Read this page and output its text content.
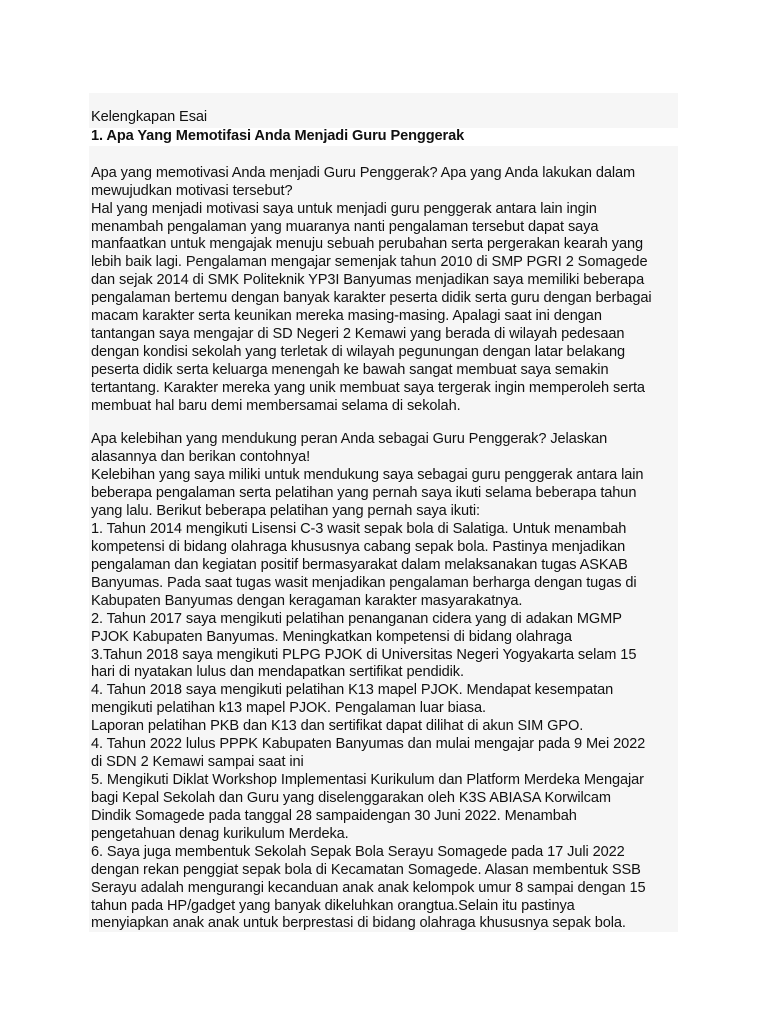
Kelengkapan Esai
1. Apa Yang Memotifasi Anda Menjadi Guru Penggerak
Apa yang memotivasi Anda menjadi Guru Penggerak? Apa yang Anda lakukan dalam
mewujudkan motivasi tersebut?
Hal yang menjadi motivasi saya untuk menjadi guru penggerak antara lain ingin
menambah pengalaman yang muaranya nanti pengalaman tersebut dapat saya
manfaatkan untuk mengajak menuju sebuah perubahan serta pergerakan kearah yang
lebih baik lagi. Pengalaman mengajar semenjak tahun 2010 di SMP PGRI 2 Somagede
dan sejak 2014 di SMK Politeknik YP3I Banyumas menjadikan saya memiliki beberapa
pengalaman bertemu dengan banyak karakter peserta didik serta guru dengan berbagai
macam karakter serta keunikan mereka masing-masing. Apalagi saat ini dengan
tantangan saya mengajar di SD Negeri 2 Kemawi yang berada di wilayah pedesaan
dengan kondisi sekolah yang terletak di wilayah pegunungan dengan latar belakang
peserta didik serta keluarga menengah ke bawah sangat membuat saya semakin
tertantang. Karakter mereka yang unik membuat saya tergerak ingin memperoleh serta
membuat hal baru demi membersamai selama di sekolah.
Apa kelebihan yang mendukung peran Anda sebagai Guru Penggerak? Jelaskan
alasannya dan berikan contohnya!
Kelebihan yang saya miliki untuk mendukung saya sebagai guru penggerak antara lain
beberapa pengalaman serta pelatihan yang pernah saya ikuti selama beberapa tahun
yang lalu. Berikut beberapa pelatihan yang pernah saya ikuti:
1. Tahun 2014 mengikuti Lisensi C-3 wasit sepak bola di Salatiga. Untuk menambah
kompetensi di bidang olahraga khususnya cabang sepak bola. Pastinya menjadikan
pengalaman dan kegiatan positif bermasyarakat dalam melaksanakan tugas ASKAB
Banyumas. Pada saat tugas wasit menjadikan pengalaman berharga dengan tugas di
Kabupaten Banyumas dengan keragaman karakter masyarakatnya.
2. Tahun 2017 saya mengikuti pelatihan penanganan cidera yang di adakan MGMP
PJOK Kabupaten Banyumas. Meningkatkan kompetensi di bidang olahraga
3.Tahun 2018 saya mengikuti PLPG PJOK di Universitas Negeri Yogyakarta selam 15
hari di nyatakan lulus dan mendapatkan sertifikat pendidik.
4. Tahun 2018 saya mengikuti pelatihan K13 mapel PJOK. Mendapat kesempatan
mengikuti pelatihan k13 mapel PJOK. Pengalaman luar biasa.
Laporan pelatihan PKB dan K13 dan sertifikat dapat dilihat di akun SIM GPO.
4. Tahun 2022 lulus PPPK Kabupaten Banyumas dan mulai mengajar pada 9 Mei 2022
di SDN 2 Kemawi sampai saat ini
5. Mengikuti Diklat Workshop Implementasi Kurikulum dan Platform Merdeka Mengajar
bagi Kepal Sekolah dan Guru yang diselenggarakan oleh K3S ABIASA Korwilcam
Dindik Somagede pada tanggal 28 sampaidengan 30 Juni 2022. Menambah
pengetahuan denag kurikulum Merdeka.
6. Saya juga membentuk Sekolah Sepak Bola Serayu Somagede pada 17 Juli 2022
dengan rekan penggiat sepak bola di Kecamatan Somagede. Alasan membentuk SSB
Serayu adalah mengurangi kecanduan anak anak kelompok umur 8 sampai dengan 15
tahun pada HP/gadget yang banyak dikeluhkan orangtua.Selain itu pastinya
menyiapkan anak anak untuk berprestasi di bidang olahraga khususnya sepak bola.
